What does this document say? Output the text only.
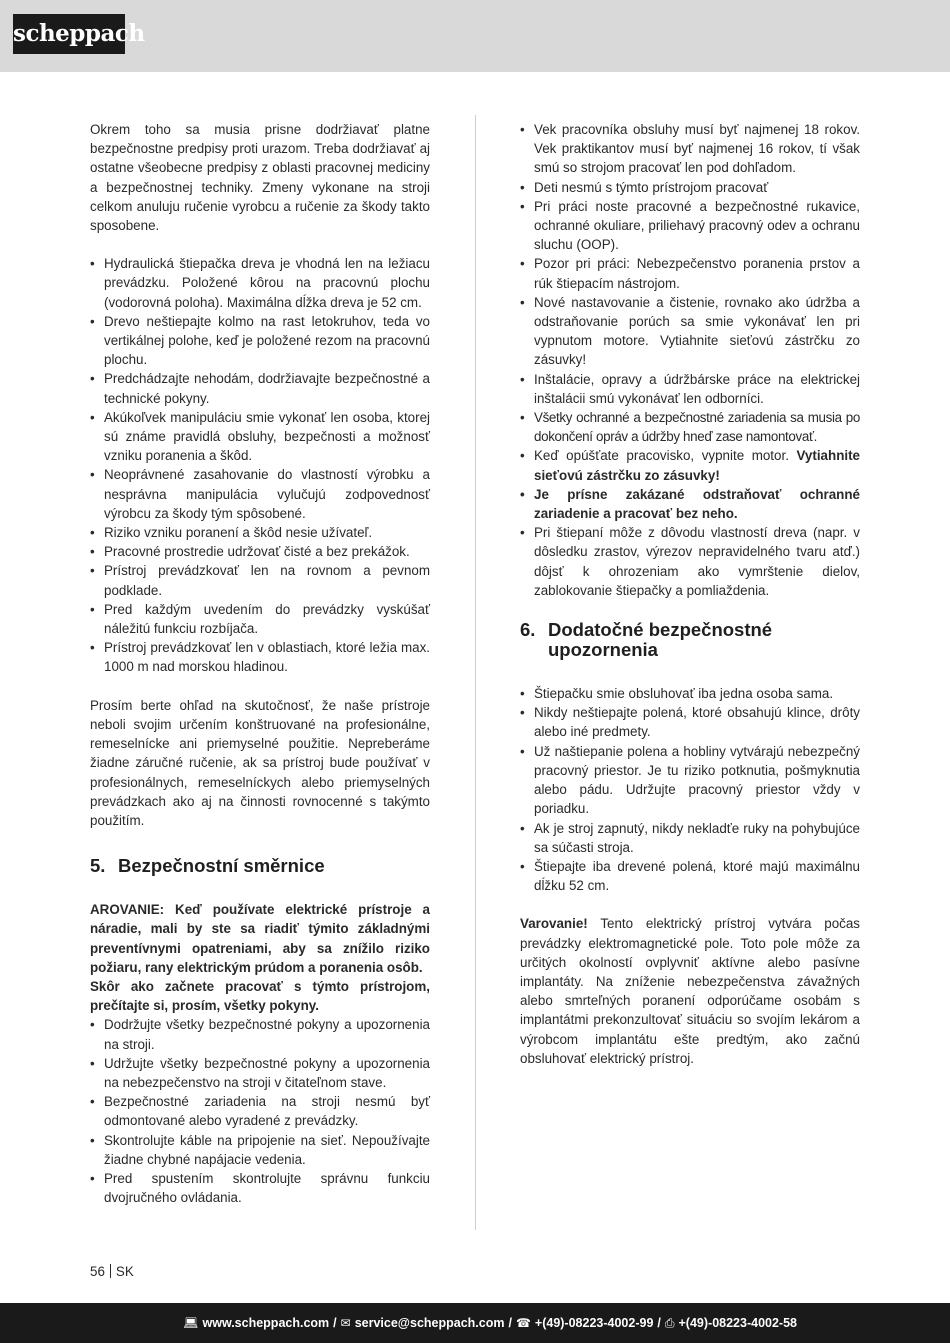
scheppach

Okrem toho sa musia prisne dodržiavať platne bezpečnostne predpisy proti urazom. Treba dodržiavať aj ostatne všeobecne predpisy z oblasti pracovnej mediciny a bezpečnostnej techniky. Zmeny vykonane na stroji celkom anuluju ručenie vyrobcu a ručenie za škody takto sposobene.

• Hydraulická štiepačka dreva je vhodná len na ležiacu prevádzku. Položené kôrou na pracovnú plochu (vodorovná poloha). Maximálna dĺžka dreva je 52 cm.
• Drevo neštiepajte kolmo na rast letokruhov, teda vo vertikálnej polohe, keď je položené rezom na pracovnú plochu.
• Predchádzajte nehodám, dodržiavajte bezpečnostné a technické pokyny.
• Akúkoľvek manipuláciu smie vykonať len osoba, ktorej sú známe pravidlá obsluhy, bezpečnosti a možnosť vzniku poranenia a škôd.
• Neoprávnené zasahovanie do vlastností výrobku a nesprávna manipulácia vylučujú zodpovednosť výrobcu za škody tým spôsobené.
• Riziko vzniku poranení a škôd nesie užívateľ.
• Pracovné prostredie udržovať čisté a bez prekážok.
• Prístroj prevádzkovať len na rovnom a pevnom podklade.
• Pred každým uvedením do prevádzky vyskúšať náležitú funkciu rozbíjača.
• Prístroj prevádzkovať len v oblastiach, ktoré ležia max. 1000 m nad morskou hladinou.

Prosím berte ohľad na skutočnosť, že naše prístroje neboli svojim určením konštruované na profesionálne, remeselnícke ani priemyselné použitie. Nepreberáme žiadne záručné ručenie, ak sa prístroj bude používať v profesionálnych, remeselníckych alebo priemyselných prevádzkach ako aj na činnosti rovnocenné s takýmto použitím.

5. Bezpečnostní směrnice

AROVANIE: Keď používate elektrické prístroje a náradie, mali by ste sa riadiť týmito základnými preventívnymi opatreniami, aby sa znížilo riziko požiaru, rany elektrickým prúdom a poranenia osôb.

Skôr ako začnete pracovať s týmto prístrojom, prečítajte si, prosím, všetky pokyny.

• Dodržujte všetky bezpečnostné pokyny a upozornenia na stroji.
• Udržujte všetky bezpečnostné pokyny a upozornenia na nebezpečenstvo na stroji v čitateľnom stave.
• Bezpečnostné zariadenia na stroji nesmú byť odmontované alebo vyradené z prevádzky.
• Skontrolujte káble na pripojenie na sieť. Nepoužívajte žiadne chybné napájacie vedenia.
• Pred spustením skontrolujte správnu funkciu dvojručného ovládania.
• Vek pracovníka obsluhy musí byť najmenej 18 rokov. Vek praktikantov musí byť najmenej 16 rokov, tí však smú so strojom pracovať len pod dohľadom.
• Deti nesmú s týmto prístrojom pracovať
• Pri práci noste pracovné a bezpečnostné rukavice, ochranné okuliare, priliehavý pracovný odev a ochranu sluchu (OOP).
• Pozor pri práci: Nebezpečenstvo poranenia prstov a rúk štiepacím nástrojom.
• Nové nastavovanie a čistenie, rovnako ako údržba a odstraňovanie porúch sa smie vykonávať len pri vypnutom motore. Vytiahnite sieťovú zástrčku zo zásuvky!
• Inštalácie, opravy a údržbárske práce na elektrickej inštalácii smú vykonávať len odborníci.
• Všetky ochranné a bezpečnostné zariadenia sa musia po dokončení opráv a údržby hneď zase namontovať.
• Keď opúšťate pracovisko, vypnite motor. Vytiahnite sieťovú zástrčku zo zásuvky!
• Je prísne zakázané odstraňovať ochranné zariadenie a pracovať bez neho.
• Pri štiepaní môže z dôvodu vlastností dreva (napr. v dôsledku zrastov, výrezov nepravidelného tvaru atď.) dôjsť k ohrozeniam ako vymrštenie dielov, zablokovanie štiepačky a pomliaždenia.
6. Dodatočné bezpečnostné upozornenia
• Štiepačku smie obsluhovať iba jedna osoba sama.
• Nikdy neštiepajte polená, ktoré obsahujú klince, drôty alebo iné predmety.
• Už naštiepanie polena a hobliny vytvárajú nebezpečný pracovný priestor. Je tu riziko potknutia, pošmyknutia alebo pádu. Udržujte pracovný priestor vždy v poriadku.
• Ak je stroj zapnutý, nikdy nekladťe ruky na pohybujúce sa súčasti stroja.
• Štiepajte iba drevené polená, ktoré majú maximálnu dĺžku 52 cm.

Varovanie! Tento elektrický prístroj vytvára počas prevádzky elektromagnetické pole. Toto pole môže za určitých okolností ovplyvniť aktívne alebo pasívne implantáty. Na zníženie nebezpečenstva závažných alebo smrteľných poranení odporúčame osobám s implantátmi prekonzultovať situáciu so svojím lekárom a výrobcom implantátu ešte predtým, ako začnú obsluhovať elektrický prístroj.

56 SK
💻︎ www.scheppach.com / ✉︎ service@scheppach.com / ☎︎ +(49)-08223-4002-99 / ⎙ +(49)-08223-4002-58
